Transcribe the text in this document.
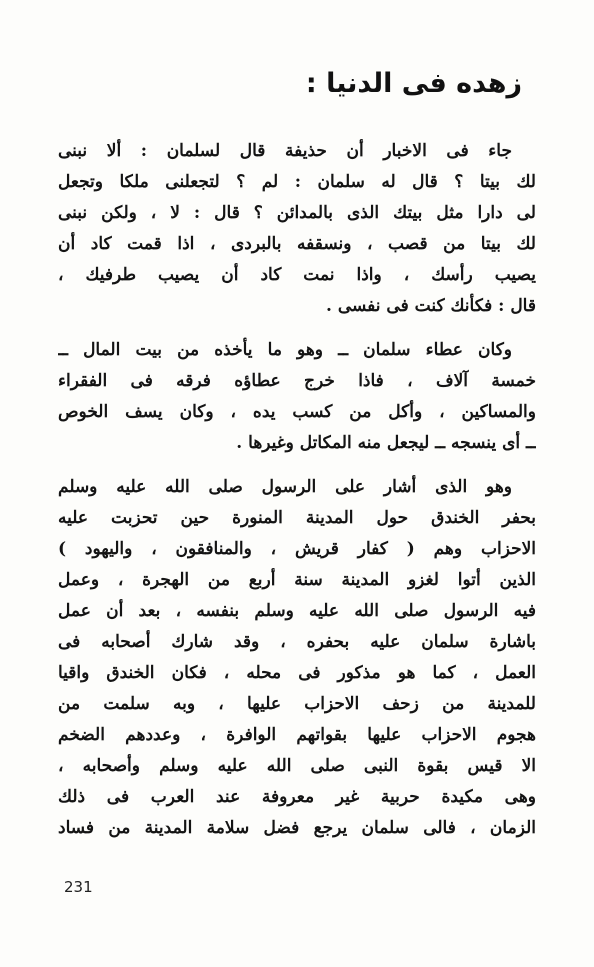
زهده فى الدنيا :
جاء فى الاخبار أن حذيفة قال لسلمان : ألا نبنى
لك بيتا ؟ قال له سلمان : لم ؟ لتجعلنى ملكا وتجعل
لى دارا مثل بيتك الذى بالمدائن ؟ قال : لا ، ولكن نبنى
لك بيتا من قصب ، ونسقفه بالبردى ، اذا قمت كاد أن
يصيب رأسك ، واذا نمت كاد أن يصيب طرفيك ،
قال : فكأنك كنت فى نفسى .
وكان عطاء سلمان ــ وهو ما يأخذه من بيت المال ــ
خمسة آلاف ، فاذا خرج عطاؤه فرقه فى الفقراء
والمساكين ، وأكل من كسب يده ، وكان يسف الخوص
ــ أى ينسجه ــ ليجعل منه المكاتل وغيرها .
وهو الذى أشار على الرسول صلى الله عليه وسلم
بحفر الخندق حول المدينة المنورة حين تحزبت عليه
الاحزاب وهم ( كفار قريش ، والمنافقون ، واليهود )
الذين أتوا لغزو المدينة سنة أربع من الهجرة ، وعمل
فيه الرسول صلى الله عليه وسلم بنفسه ، بعد أن عمل
باشارة سلمان عليه بحفره ، وقد شارك أصحابه فى
العمل ، كما هو مذكور فى محله ، فكان الخندق واقيا
للمدينة من زحف الاحزاب عليها ، وبه سلمت من
هجوم الاحزاب عليها بقواتهم الوافرة ، وعددهم الضخم
الا قيس بقوة النبى صلى الله عليه وسلم وأصحابه ،
وهى مكيدة حربية غير معروفة عند العرب فى ذلك
الزمان ، فالى سلمان يرجع فضل سلامة المدينة من فساد
231
